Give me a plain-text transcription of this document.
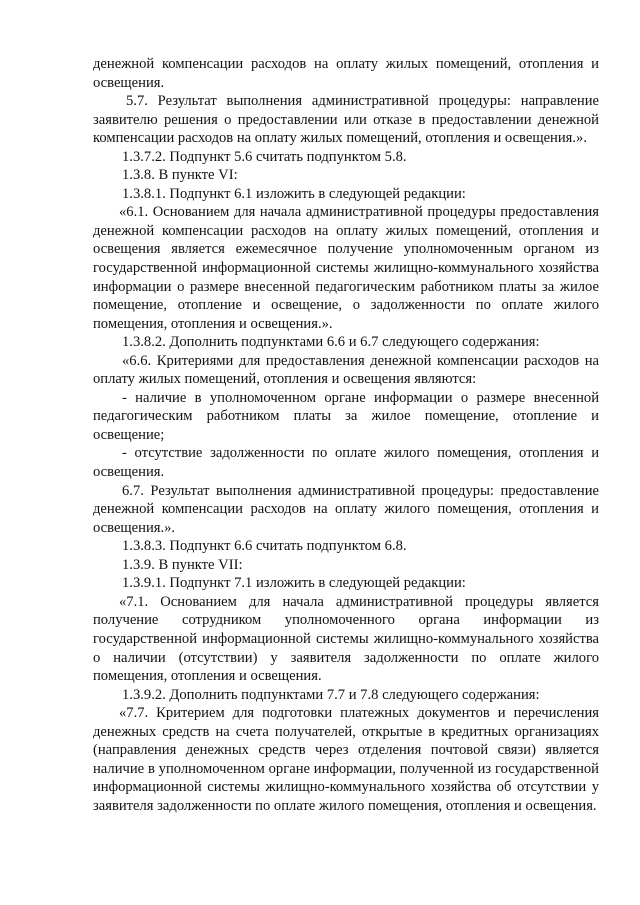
денежной компенсации расходов на оплату жилых помещений, отопления и освещения.

5.7. Результат выполнения административной процедуры: направление заявителю решения о предоставлении или отказе в предоставлении денежной компенсации расходов на оплату жилых помещений, отопления и освещения.».

1.3.7.2. Подпункт 5.6 считать подпунктом 5.8.

1.3.8. В пункте VI:

1.3.8.1. Подпункт 6.1 изложить в следующей редакции:

«6.1. Основанием для начала административной процедуры предоставления денежной компенсации расходов на оплату жилых помещений, отопления и освещения является ежемесячное получение уполномоченным органом из государственной информационной системы жилищно-коммунального хозяйства информации о размере внесенной педагогическим работником платы за жилое помещение, отопление и освещение, о задолженности по оплате жилого помещения, отопления и освещения.».

1.3.8.2. Дополнить подпунктами 6.6 и 6.7 следующего содержания:

«6.6. Критериями для предоставления денежной компенсации расходов на оплату жилых помещений, отопления и освещения являются:

- наличие в уполномоченном органе информации о размере внесенной педагогическим работником платы за жилое помещение, отопление и освещение;

- отсутствие задолженности по оплате жилого помещения, отопления и освещения.

6.7. Результат выполнения административной процедуры: предоставление денежной компенсации расходов на оплату жилого помещения, отопления и освещения.».

1.3.8.3. Подпункт 6.6 считать подпунктом 6.8.

1.3.9. В пункте VII:

1.3.9.1. Подпункт 7.1 изложить в следующей редакции:

«7.1. Основанием для начала административной процедуры является получение сотрудником уполномоченного органа информации из государственной информационной системы жилищно-коммунального хозяйства о наличии (отсутствии) у заявителя задолженности по оплате жилого помещения, отопления и освещения.

1.3.9.2. Дополнить подпунктами 7.7 и 7.8 следующего содержания:

«7.7. Критерием для подготовки платежных документов и перечисления денежных средств на счета получателей, открытые в кредитных организациях (направления денежных средств через отделения почтовой связи) является наличие в уполномоченном органе информации, полученной из государственной информационной системы жилищно-коммунального хозяйства об отсутствии у заявителя задолженности по оплате жилого помещения, отопления и освещения.
